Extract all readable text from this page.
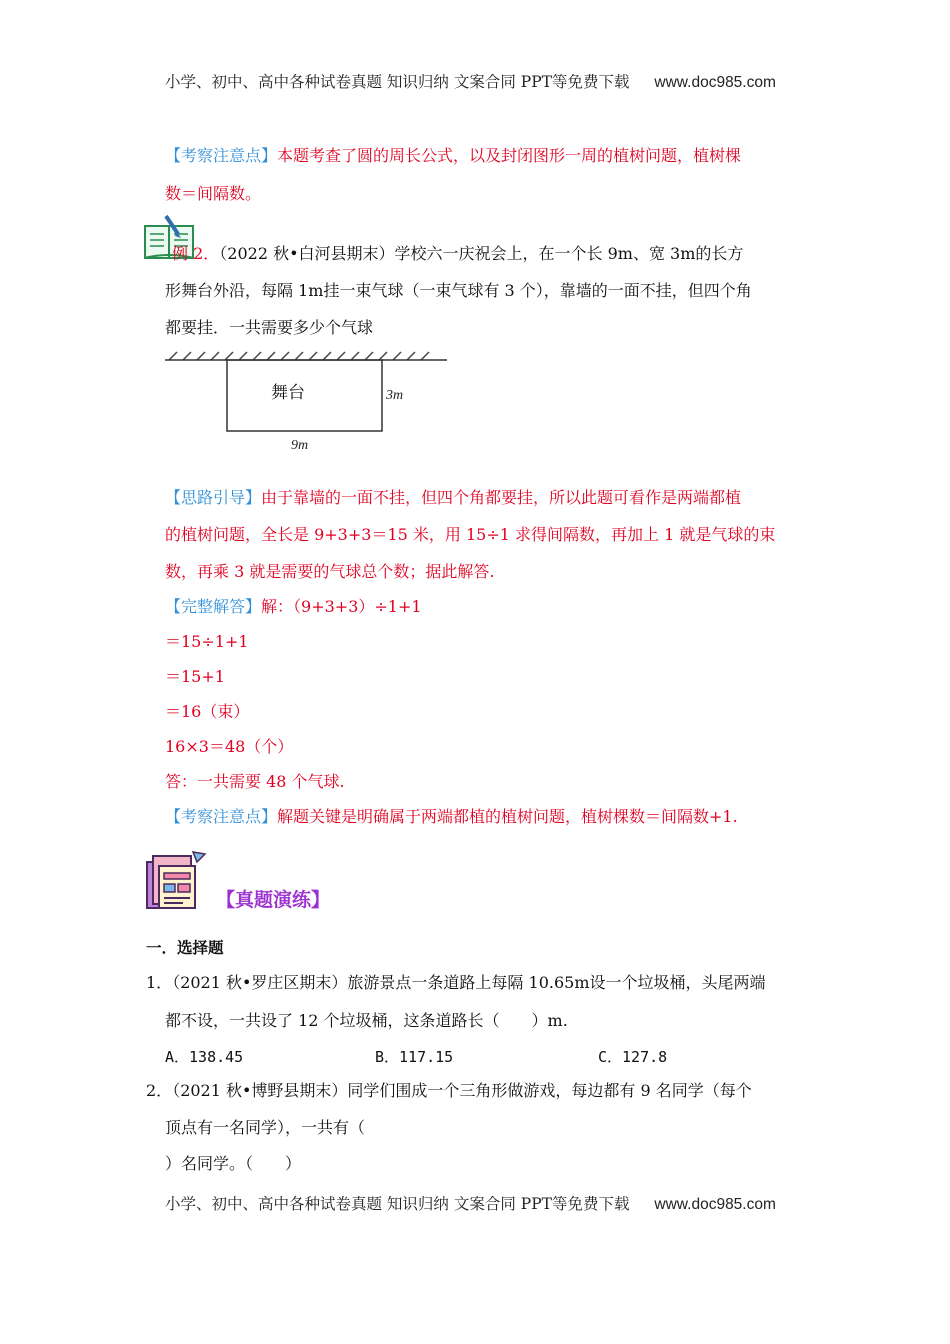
小学、初中、高中各种试卷真题 知识归纳 文案合同 PPT等免费下载 www.doc985.com
【考察注意点】本题考查了圆的周长公式，以及封闭图形一周的植树问题，植树棵
数＝间隔数。
例 2．（2022 秋•白河县期末）学校六一庆祝会上，在一个长 9m、宽 3m的长方
形舞台外沿，每隔 1m挂一束气球（一束气球有 3 个），靠墙的一面不挂，但四个角
都要挂．一共需要多少个气球
舞台	3m
9m
【思路引导】由于靠墙的一面不挂，但四个角都要挂，所以此题可看作是两端都植
的植树问题，全长是 9+3+3＝15 米，用 15÷1 求得间隔数，再加上 1 就是气球的束
数，再乘 3 就是需要的气球总个数；据此解答.
【完整解答】解：（9+3+3）÷1+1
＝15÷1+1
＝15+1
＝16（束）
16×3＝48（个）
答：一共需要 48 个气球.
【考察注意点】解题关键是明确属于两端都植的植树问题，植树棵数＝间隔数+1.
【真题演练】
一．选择题
1．（2021 秋•罗庄区期末）旅游景点一条道路上每隔 10.65m设一个垃圾桶，头尾两端
都不设，一共设了 12 个垃圾桶，这条道路长（　　）m.
A．138.45	B．117.15	C．127.8
2．（2021 秋•博野县期末）同学们围成一个三角形做游戏，每边都有 9 名同学（每个
顶点有一名同学），一共有（
）名同学。（　　）
小学、初中、高中各种试卷真题 知识归纳 文案合同 PPT等免费下载 www.doc985.com
